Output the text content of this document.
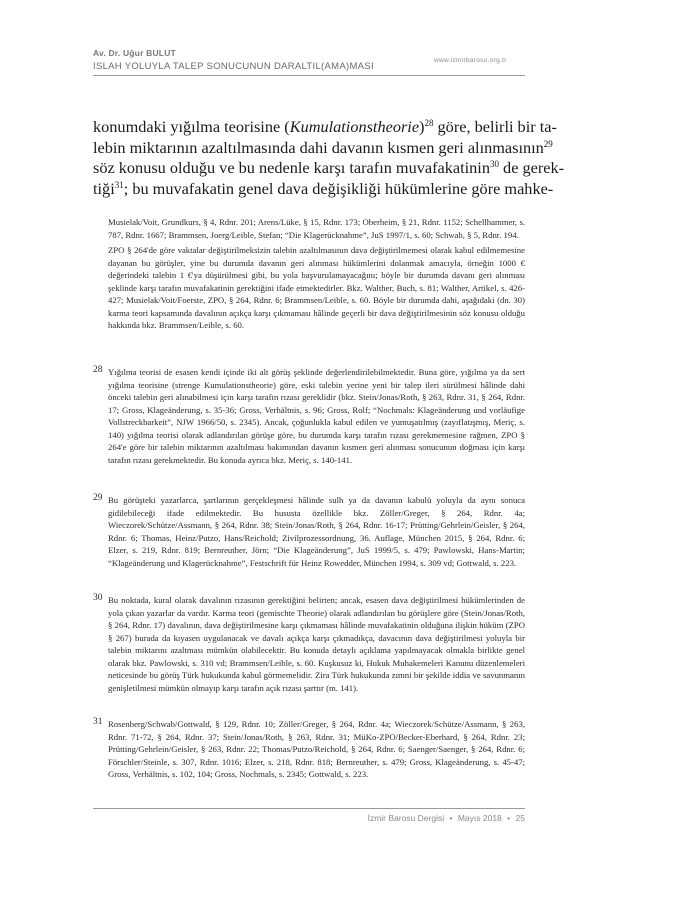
Av. Dr. Uğur BULUT
ISLAH YOLUYLA TALEP SONUCUNUN DARALTIL(AMA)MASI
www.izmirbarosu.org.tr
konumdaki yığılma teorisine (Kumulationstheorie)$^{28}$ göre, belirli bir ta-
lebin miktarının azaltılmasında dahi davanın kısmen geri alınmasının$^{29}$
söz konusu olduğu ve bu nedenle karşı tarafın muvafakatinin$^{30}$ de gerek-
tiği$^{31}$; bu muvafakatin genel dava değişikliği hükümlerine göre mahke-

Musielak/Voit, Grundkurs, § 4, Rdnr. 201; Arens/Lüke, § 15, Rdnr. 173; Oberheim, § 21, Rdnr. 1152; Schellhammer, s. 787, Rdnr. 1667; Brammsen, Joerg/Leible, Stefan; “Die Klagerücknahme”, JuS 1997/1, s. 60; Schwab, § 5, Rdnr. 194.

ZPO § 264'de göre vaktalar değiştirilmeksizin talebin azaltılmasının dava değiştirilmemesi olarak kabul edilmemesine dayanan bu görüşler, yine bu durumda davanın geri alınması hükümlerini dolanmak amacıyla, örneğin 1000 € değerindeki talebin 1 €'ya düşürülmesi gibi, bu yola başvurulamayacağını; böyle bir durumda davanı geri alınması şeklinde karşı tarafın muvafakatinin gerektiğini ifade etmektedirler. Bkz. Walther, Buch, s. 81; Walther, Artikel, s. 426-427; Musielak/Voit/Foerste, ZPO, § 264, Rdnr. 6; Brammsen/Leible, s. 60. Böyle bir durumda dahi, aşağıdaki (dn. 30) karma teori kapsamında davalının açıkça karşı çıkmaması hâlinde geçerli bir dava değiştirilmesinin söz konusu olduğu hakkında bkz. Brammsen/Leible, s. 60.

28 Yığılma teorisi de esasen kendi içinde iki alt görüş şeklinde değerlendirilebilmektedir. Buna göre, yığılma ya da sert yığılma teorisine (strenge Kumulationstheorie) göre, eski talebin yerine yeni bir talep ileri sürülmesi hâlinde dahi önceki talebin geri alınabilmesi için karşı tarafın rızası gereklidir (bkz. Stein/Jonas/Roth, § 263, Rdnr. 31, § 264, Rdnr. 17; Gross, Klageänderung, s. 35-36; Gross, Verhältnis, s. 96; Gross, Rolf; “Nochmals: Klageänderung und vorläufige Vollstreckbarkeit”, NJW 1966/50, s. 2345). Ancak, çoğunlukla kabul edilen ve yumuşatılmış (zayıflatışmış, Meriç, s. 140) yığılma teorisi olarak adlandırılan görüşe göre, bu durumda karşı tarafın rızası gerekmemesine rağmen, ZPO § 264'e göre bir talebin miktarının azaltılması bakımından davanın kısmen geri alınması sonucunun doğması için karşı tarafın rızası gerekmektedir. Bu konuda ayrıca bkz. Meriç, s. 140-141.
29 Bu görüşteki yazarlarca, şartlarının gerçekleşmesi hâlinde sulh ya da davanın kabulü yoluyla da aynı sonuca gidilebileceği ifade edilmektedir. Bu hususta özellikle bkz. Zöller/Greger, § 264, Rdnr. 4a; Wieczorek/Schütze/Assmann, § 264, Rdnr. 38; Stein/Jonas/Roth, § 264, Rdnr. 16-17; Prütting/Gehrlein/Geisler, § 264, Rdnr. 6; Thomas, Heinz/Putzo, Hans/Reichold; Zivilprozessordnung, 36. Auflage, München 2015, § 264, Rdnr. 6; Elzer, s. 219, Rdnr. 819; Bernreuther, Jörn; “Die Klageänderung”, JuS 1999/5, s. 479; Pawlowski, Hans-Martin; “Klageänderung und Klagerücknahme”, Festschrift für Heinz Rowedder, München 1994, s. 309 vd; Gottwald, s. 223.
30 Bu noktada, kural olarak davalının rızasının gerektiğini belirten; ancak, esasen dava değiştirilmesi hükümlerinden de yola çıkan yazarlar da vardır. Karma teori (gemischte Theorie) olarak adlandırılan bu görüşlere göre (Stein/Jonas/Roth, § 264, Rdnr. 17) davalının, dava değiştirilmesine karşı çıkmaması hâlinde muvafakatinin olduğuna ilişkin hüküm (ZPO § 267) burada da kıyasen uygulanacak ve davalı açıkça karşı çıkmadıkça, davacının dava değiştirilmesi yoluyla bir talebin miktarını azaltması mümkün olabilecektir. Bu konuda detaylı açıklama yapılmayacak olmakla birlikte genel olarak bkz. Pawlowski, s. 310 vd; Brammsen/Leible, s. 60. Kuşkusuz ki, Hukuk Muhakemeleri Kanunu düzenlemeleri neticesinde bu görüş Türk hukukunda kabul görmemelidir. Zira Türk hukukunda zımni bir şekilde iddia ve savunmanın genişletilmesi mümkün olmayıp karşı tarafın açık rızası şarttır (m. 141).
31 Rosenberg/Schwab/Gottwald, § 129, Rdnr. 10; Zöller/Greger, § 264, Rdnr. 4a; Wieczorek/Schütze/Assmann, § 263, Rdnr. 71-72, § 264, Rdnr. 37; Stein/Jonas/Roth, § 263, Rdnr. 31; MüKo-ZPO/Becker-Eberhard, § 264, Rdnr. 23; Prütting/Gehrlein/Geisler, § 263, Rdnr. 22; Thomas/Putzo/Reichold, § 264, Rdnr. 6; Saenger/Saenger, § 264, Rdnr. 6; Förschler/Steinle, s. 307, Rdnr. 1016; Elzer, s. 218, Rdnr. 818; Bernreuther, s. 479; Gross, Klageänderung, s. 45-47; Gross, Verhältnis, s. 102, 104; Gross, Nochmals, s. 2345; Gottwald, s. 223.
İzmir Barosu Dergisi • Mayıs 2018 • 25
